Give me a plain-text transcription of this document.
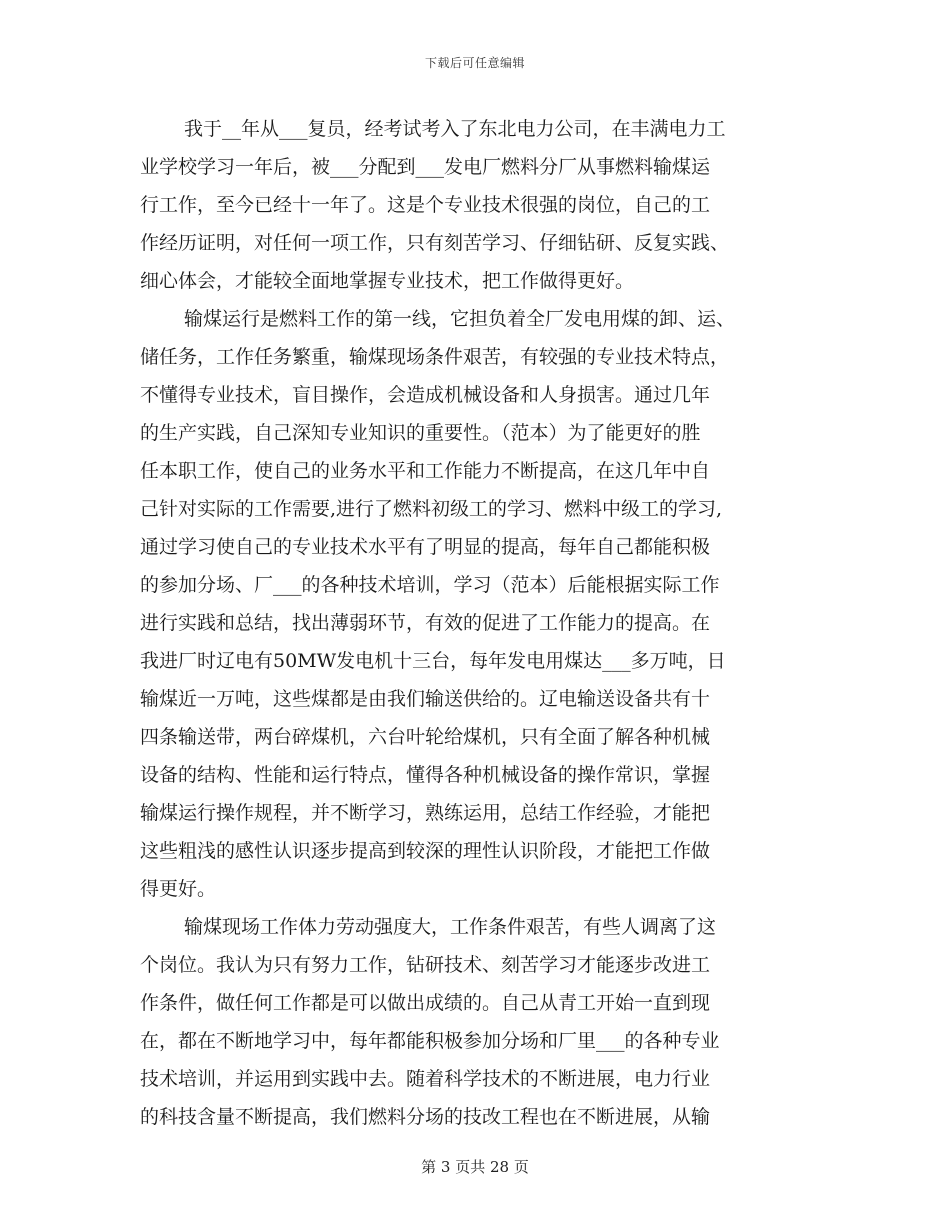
下载后可任意编辑
我于__年从___复员，经考试考入了东北电力公司，在丰满电力工
业学校学习一年后，被___分配到___发电厂燃料分厂从事燃料输煤运
行工作，至今已经十一年了。这是个专业技术很强的岗位，自己的工
作经历证明，对任何一项工作，只有刻苦学习、仔细钻研、反复实践、
细心体会，才能较全面地掌握专业技术，把工作做得更好。
输煤运行是燃料工作的第一线，它担负着全厂发电用煤的卸、运、
储任务，工作任务繁重，输煤现场条件艰苦，有较强的专业技术特点，
不懂得专业技术，盲目操作，会造成机械设备和人身损害。通过几年
的生产实践，自己深知专业知识的重要性。（范本）为了能更好的胜
任本职工作，使自己的业务水平和工作能力不断提高，在这几年中自
己针对实际的工作需要,进行了燃料初级工的学习、燃料中级工的学习,
通过学习使自己的专业技术水平有了明显的提高，每年自己都能积极
的参加分场、厂___的各种技术培训，学习（范本）后能根据实际工作
进行实践和总结，找出薄弱环节，有效的促进了工作能力的提高。在
我进厂时辽电有50MW发电机十三台，每年发电用煤达___多万吨，日
输煤近一万吨，这些煤都是由我们输送供给的。辽电输送设备共有十
四条输送带，两台碎煤机，六台叶轮给煤机，只有全面了解各种机械
设备的结构、性能和运行特点，懂得各种机械设备的操作常识，掌握
输煤运行操作规程，并不断学习，熟练运用，总结工作经验，才能把
这些粗浅的感性认识逐步提高到较深的理性认识阶段，才能把工作做
得更好。
输煤现场工作体力劳动强度大，工作条件艰苦，有些人调离了这
个岗位。我认为只有努力工作，钻研技术、刻苦学习才能逐步改进工
作条件，做任何工作都是可以做出成绩的。自己从青工开始一直到现
在，都在不断地学习中，每年都能积极参加分场和厂里___的各种专业
技术培训，并运用到实践中去。随着科学技术的不断进展，电力行业
的科技含量不断提高，我们燃料分场的技改工程也在不断进展，从输
第 3 页共 28 页
